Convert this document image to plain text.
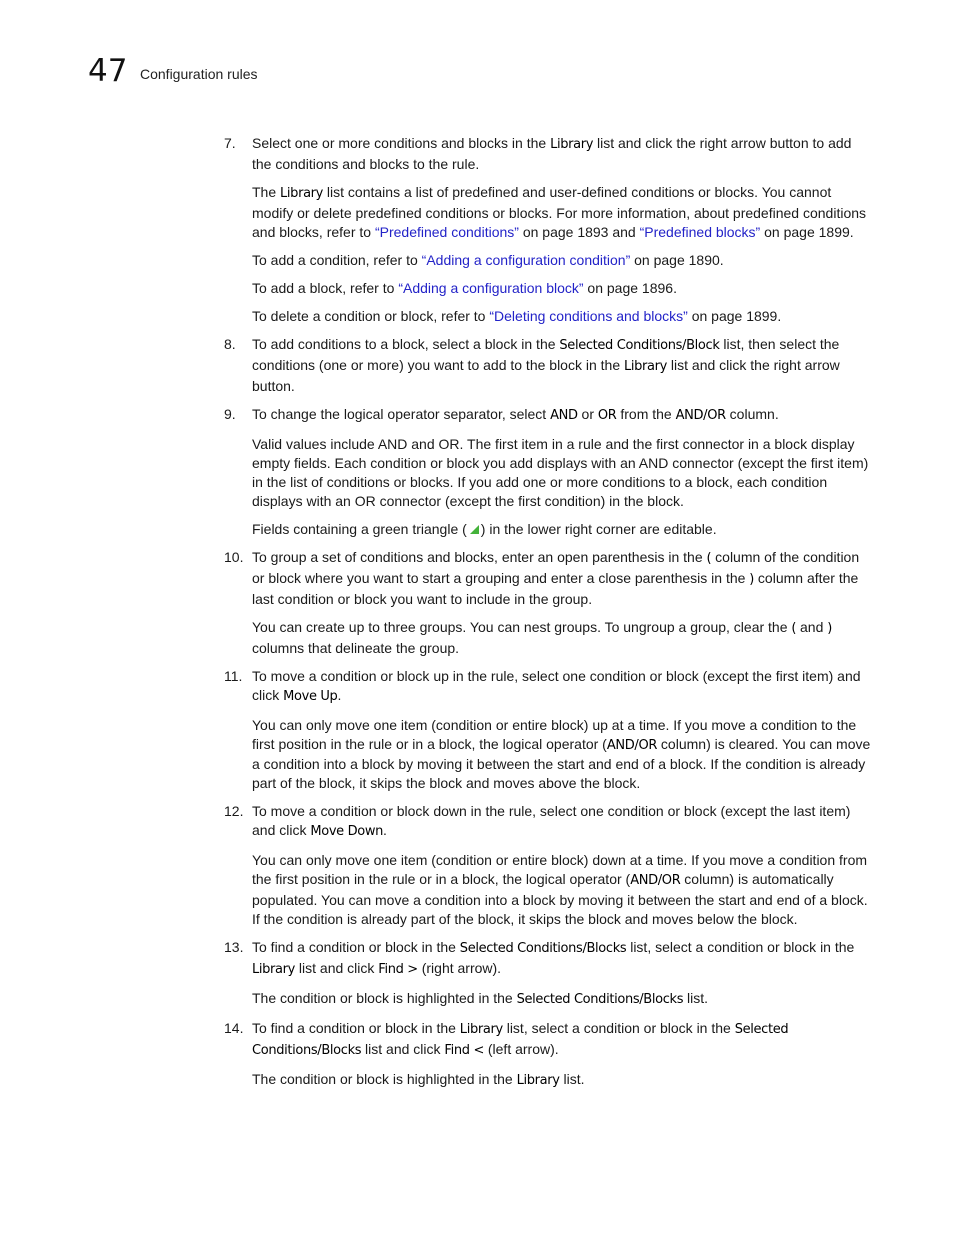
47 Configuration rules
7. Select one or more conditions and blocks in the Library list and click the right arrow button to add the conditions and blocks to the rule.

The Library list contains a list of predefined and user-defined conditions or blocks. You cannot modify or delete predefined conditions or blocks. For more information, about predefined conditions and blocks, refer to “Predefined conditions” on page 1893 and “Predefined blocks” on page 1899.

To add a condition, refer to “Adding a configuration condition” on page 1890.

To add a block, refer to “Adding a configuration block” on page 1896.

To delete a condition or block, refer to “Deleting conditions and blocks” on page 1899.

8. To add conditions to a block, select a block in the Selected Conditions/Block list, then select the conditions (one or more) you want to add to the block in the Library list and click the right arrow button.

9. To change the logical operator separator, select AND or OR from the AND/OR column.

Valid values include AND and OR. The first item in a rule and the first connector in a block display empty fields. Each condition or block you add displays with an AND connector (except the first item) in the list of conditions or blocks. If you add one or more conditions to a block, each condition displays with an OR connector (except the first condition) in the block.

Fields containing a green triangle ( ) in the lower right corner are editable.

10. To group a set of conditions and blocks, enter an open parenthesis in the ( column of the condition or block where you want to start a grouping and enter a close parenthesis in the ) column after the last condition or block you want to include in the group.

You can create up to three groups. You can nest groups. To ungroup a group, clear the ( and ) columns that delineate the group.

11. To move a condition or block up in the rule, select one condition or block (except the first item) and click Move Up.

You can only move one item (condition or entire block) up at a time. If you move a condition to the first position in the rule or in a block, the logical operator (AND/OR column) is cleared. You can move a condition into a block by moving it between the start and end of a block. If the condition is already part of the block, it skips the block and moves above the block.

12. To move a condition or block down in the rule, select one condition or block (except the last item) and click Move Down.

You can only move one item (condition or entire block) down at a time. If you move a condition from the first position in the rule or in a block, the logical operator (AND/OR column) is automatically populated. You can move a condition into a block by moving it between the start and end of a block. If the condition is already part of the block, it skips the block and moves below the block.

13. To find a condition or block in the Selected Conditions/Blocks list, select a condition or block in the Library list and click Find > (right arrow).

The condition or block is highlighted in the Selected Conditions/Blocks list.

14. To find a condition or block in the Library list, select a condition or block in the Selected Conditions/Blocks list and click Find < (left arrow).

The condition or block is highlighted in the Library list.
